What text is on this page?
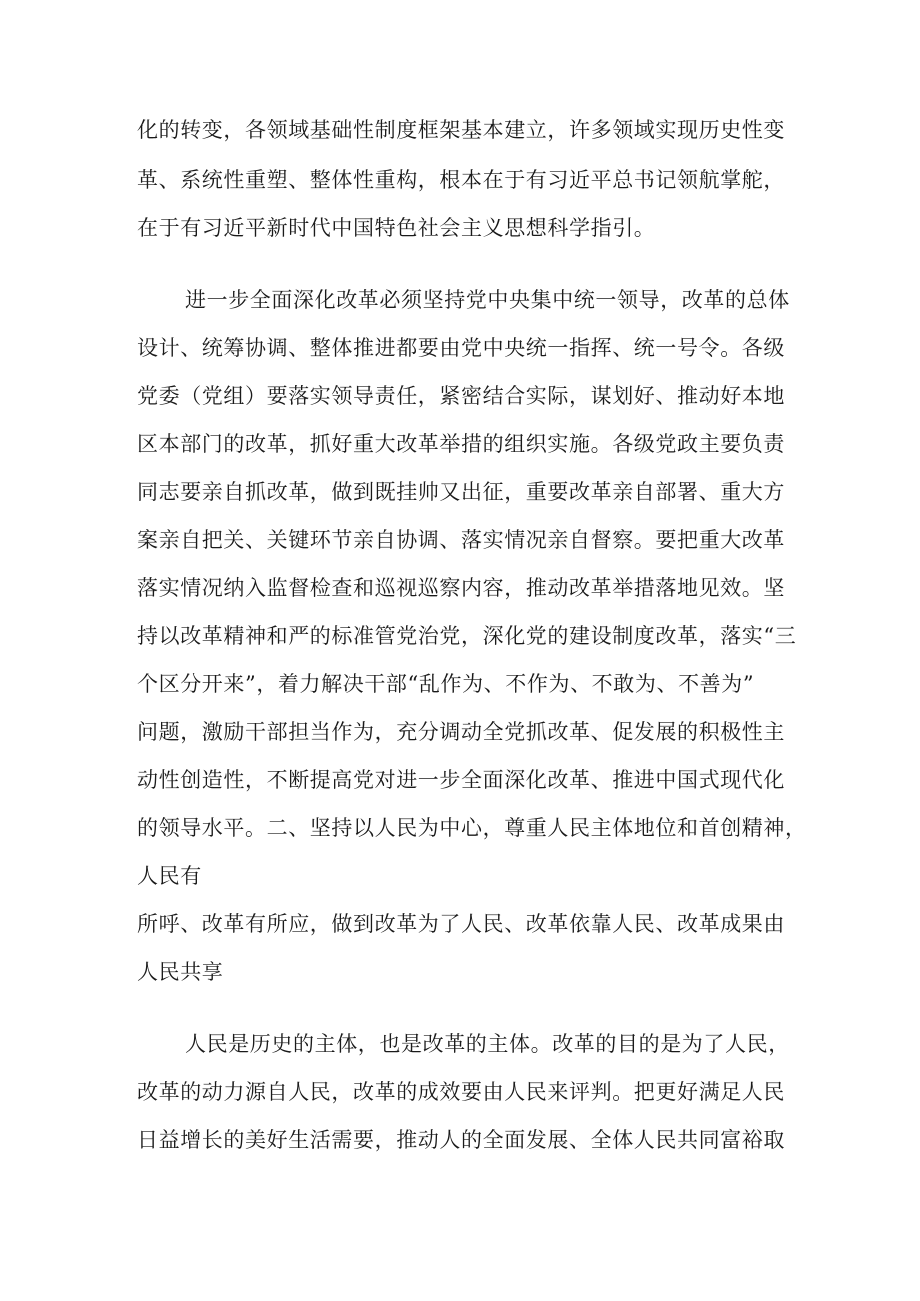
化的转变，各领域基础性制度框架基本建立，许多领域实现历史性变
革、系统性重塑、整体性重构，根本在于有习近平总书记领航掌舵，
在于有习近平新时代中国特色社会主义思想科学指引。
进一步全面深化改革必须坚持党中央集中统一领导，改革的总体
设计、统筹协调、整体推进都要由党中央统一指挥、统一号令。各级
党委（党组）要落实领导责任，紧密结合实际，谋划好、推动好本地
区本部门的改革，抓好重大改革举措的组织实施。各级党政主要负责
同志要亲自抓改革，做到既挂帅又出征，重要改革亲自部署、重大方
案亲自把关、关键环节亲自协调、落实情况亲自督察。要把重大改革
落实情况纳入监督检查和巡视巡察内容，推动改革举措落地见效。坚
持以改革精神和严的标准管党治党，深化党的建设制度改革，落实“三
个区分开来”，着力解决干部“乱作为、不作为、不敢为、不善为”
问题，激励干部担当作为，充分调动全党抓改革、促发展的积极性主
动性创造性，不断提高党对进一步全面深化改革、推进中国式现代化
的领导水平。二、坚持以人民为中心，尊重人民主体地位和首创精神，
人民有
所呼、改革有所应，做到改革为了人民、改革依靠人民、改革成果由
人民共享
人民是历史的主体，也是改革的主体。改革的目的是为了人民，
改革的动力源自人民，改革的成效要由人民来评判。把更好满足人民
日益增长的美好生活需要，推动人的全面发展、全体人民共同富裕取
